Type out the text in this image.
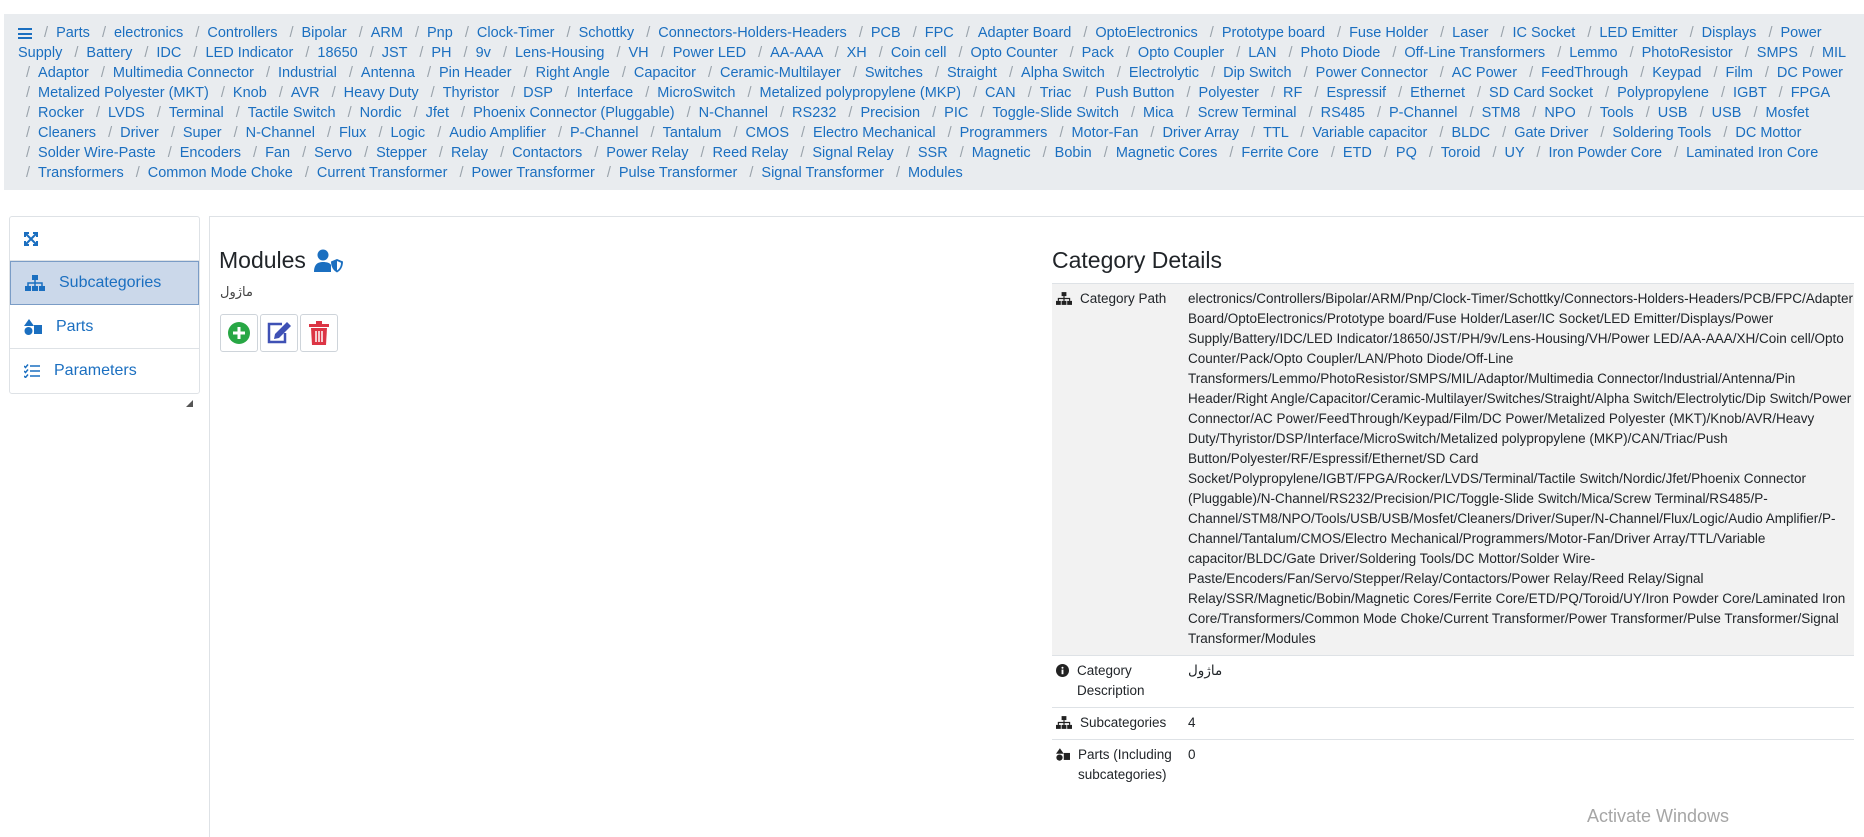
/ Parts / electronics / Controllers / Bipolar / ARM / Pnp / Clock-Timer / Schottky / Connectors-Holders-Headers / PCB / FPC / Adapter Board / OptoElectronics / Prototype board / Fuse Holder / Laser / IC Socket / LED Emitter / Displays / Power Supply / Battery / IDC / LED Indicator / 18650 / JST / PH / 9v / Lens-Housing / VH / Power LED / AA-AAA / XH / Coin cell / Opto Counter / Pack / Opto Coupler / LAN / Photo Diode / Off-Line Transformers / Lemmo / PhotoResistor / SMPS / MIL / Adaptor / Multimedia Connector / Industrial / Antenna / Pin Header / Right Angle / Capacitor / Ceramic-Multilayer / Switches / Straight / Alpha Switch / Electrolytic / Dip Switch / Power Connector / AC Power / FeedThrough / Keypad / Film / DC Power / Metalized Polyester (MKT) / Knob / AVR / Heavy Duty / Thyristor / DSP / Interface / MicroSwitch / Metalized polypropylene (MKP) / CAN / Triac / Push Button / Polyester / RF / Espressif / Ethernet / SD Card Socket / Polypropylene / IGBT / FPGA / Rocker / LVDS / Terminal / Tactile Switch / Nordic / Jfet / Phoenix Connector (Pluggable) / N-Channel / RS232 / Precision / PIC / Toggle-Slide Switch / Mica / Screw Terminal / RS485 / P-Channel / STM8 / NPO / Tools / USB / USB / Mosfet / Cleaners / Driver / Super / N-Channel / Flux / Logic / Audio Amplifier / P-Channel / Tantalum / CMOS / Electro Mechanical / Programmers / Motor-Fan / Driver Array / TTL / Variable capacitor / BLDC / Gate Driver / Soldering Tools / DC Mottor / Solder Wire-Paste / Encoders / Fan / Servo / Stepper / Relay / Contactors / Power Relay / Reed Relay / Signal Relay / SSR / Magnetic / Bobin / Magnetic Cores / Ferrite Core / ETD / PQ / Toroid / UY / Iron Powder Core / Laminated Iron Core / Transformers / Common Mode Choke / Current Transformer / Power Transformer / Pulse Transformer / Signal Transformer / Modules
Subcategories
Parts
Parameters
Modules
ماژول
Category Details
Category Path electronics/Controllers/Bipolar/ARM/Pnp/Clock-Timer/Schottky/Connectors-Holders-Headers/PCB/FPC/Adapter Board/OptoElectronics/Prototype board/Fuse Holder/Laser/IC Socket/LED Emitter/Displays/Power Supply/Battery/IDC/LED Indicator/18650/JST/PH/9v/Lens-Housing/VH/Power LED/AA-AAA/XH/Coin cell/Opto Counter/Pack/Opto Coupler/LAN/Photo Diode/Off-Line Transformers/Lemmo/PhotoResistor/SMPS/MIL/Adaptor/Multimedia Connector/Industrial/Antenna/Pin Header/Right Angle/Capacitor/Ceramic-Multilayer/Switches/Straight/Alpha Switch/Electrolytic/Dip Switch/Power Connector/AC Power/FeedThrough/Keypad/Film/DC Power/Metalized Polyester (MKT)/Knob/AVR/Heavy Duty/Thyristor/DSP/Interface/MicroSwitch/Metalized polypropylene (MKP)/CAN/Triac/Push Button/Polyester/RF/Espressif/Ethernet/SD Card Socket/Polypropylene/IGBT/FPGA/Rocker/LVDS/Terminal/Tactile Switch/Nordic/Jfet/Phoenix Connector (Pluggable)/N-Channel/RS232/Precision/PIC/Toggle-Slide Switch/Mica/Screw Terminal/RS485/P-Channel/STM8/NPO/Tools/USB/USB/Mosfet/Cleaners/Driver/Super/N-Channel/Flux/Logic/Audio Amplifier/P-Channel/Tantalum/CMOS/Electro Mechanical/Programmers/Motor-Fan/Driver Array/TTL/Variable capacitor/BLDC/Gate Driver/Soldering Tools/DC Mottor/Solder Wire-Paste/Encoders/Fan/Servo/Stepper/Relay/Contactors/Power Relay/Reed Relay/Signal Relay/SSR/Magnetic/Bobin/Magnetic Cores/Ferrite Core/ETD/PQ/Toroid/UY/Iron Powder Core/Laminated Iron Core/Transformers/Common Mode Choke/Current Transformer/Power Transformer/Pulse Transformer/Signal Transformer/Modules
Category Description
ماژول
Subcategories 4
Parts (Including subcategories)
0
Activate Windows
